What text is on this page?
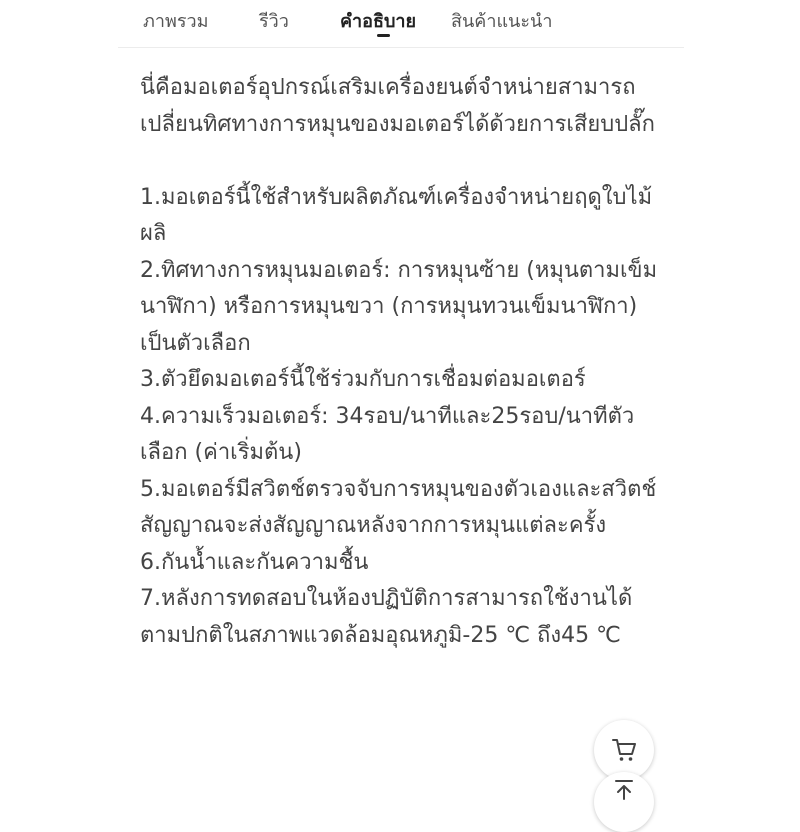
ภาพรวม	รีวิว	คำอธิบาย สินค้าแนะนำ

นี่คือมอเตอร์อุปกรณ์เสริมเครื่องยนต์จำหน่ายสามารถเปลี่ยนทิศทางการหมุนของมอเตอร์ได้ด้วยการเสียบปลั๊ก

1.มอเตอร์นี้ใช้สำหรับผลิตภัณฑ์เครื่องจำหน่ายฤดูใบไม้ผลิ

2.ทิศทางการหมุนมอเตอร์: การหมุนซ้าย (หมุนตามเข็มนาฬิกา) หรือการหมุนขวา (การหมุนทวนเข็มนาฬิกา) เป็นตัวเลือก

3.ตัวยึดมอเตอร์นี้ใช้ร่วมกับการเชื่อมต่อมอเตอร์

4.ความเร็วมอเตอร์: 34รอบ/นาทีและ25รอบ/นาทีตัวเลือก (ค่าเริ่มต้น)

5.มอเตอร์มีสวิตช์ตรวจจับการหมุนของตัวเองและสวิตช์สัญญาณจะส่งสัญญาณหลังจากการหมุนแต่ละครั้ง

6.กันน้ำและกันความชื้น

7.หลังการทดสอบในห้องปฏิบัติการสามารถใช้งานได้ตามปกติในสภาพแวดล้อมอุณหภูมิ-25 ℃ ถึง45 ℃
